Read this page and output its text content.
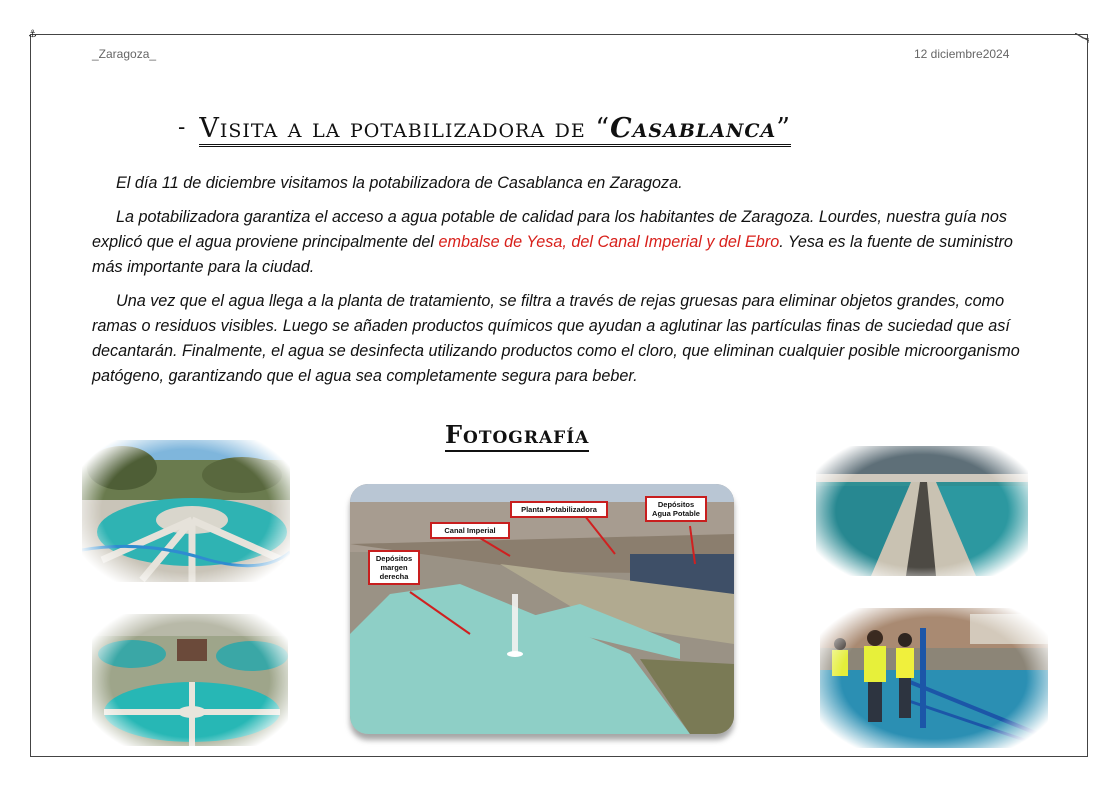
⚓
_Zaragoza_	12 diciembre2024
- Visita a la potabilizadora de “Casablanca”

El día 11 de diciembre visitamos la potabilizadora de Casablanca en Zaragoza.

La potabilizadora garantiza el acceso a agua potable de calidad para los habitantes de Zaragoza. Lourdes, nuestra guía nos explicó que el agua proviene principalmente del embalse de Yesa, del Canal Imperial y del Ebro. Yesa es la fuente de suministro más importante para la ciudad.

Una vez que el agua llega a la planta de tratamiento, se filtra a través de rejas gruesas para eliminar objetos grandes, como ramas o residuos visibles. Luego se añaden productos químicos que ayudan a aglutinar las partículas finas de suciedad que así decantarán. Finalmente, el agua se desinfecta utilizando productos como el cloro, que eliminan cualquier posible microorganismo patógeno, garantizando que el agua sea completamente segura para beber.

Fotografía
Planta Potabilizadora
Depósitos Agua Potable
Canal Imperial
Depósitos margen derecha
